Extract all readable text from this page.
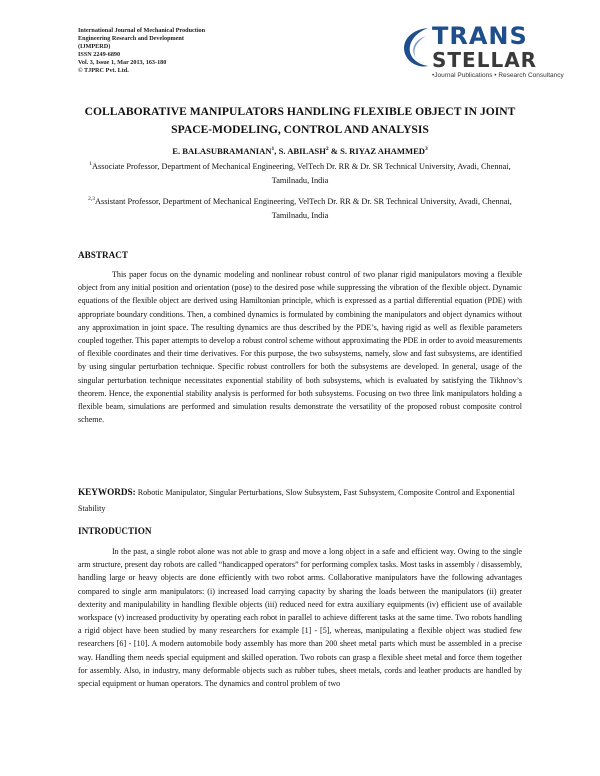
International Journal of Mechanical Production
Engineering Research and Development
(IJMPERD)
ISSN 2249-6890
Vol. 3, Issue 1, Mar 2013, 163-180
© TJPRC Pvt. Ltd.
TRANS
STELLAR
•Journal Publications • Research Consultancy
COLLABORATIVE MANIPULATORS HANDLING FLEXIBLE OBJECT IN JOINT SPACE-MODELING, CONTROL AND ANALYSIS
E. BALASUBRAMANIAN$^1$, S. ABILASH$^2$ & S. RIYAZ AHAMMED$^3$
$^1$Associate Professor, Department of Mechanical Engineering, VelTech Dr. RR & Dr. SR Technical University, Avadi, Chennai, Tamilnadu, India
$^{2,3}$Assistant Professor, Department of Mechanical Engineering, VelTech Dr. RR & Dr. SR Technical University, Avadi, Chennai, Tamilnadu, India
ABSTRACT

This paper focus on the dynamic modeling and nonlinear robust control of two planar rigid manipulators moving a flexible object from any initial position and orientation (pose) to the desired pose while suppressing the vibration of the flexible object. Dynamic equations of the flexible object are derived using Hamiltonian principle, which is expressed as a partial differential equation (PDE) with appropriate boundary conditions. Then, a combined dynamics is formulated by combining the manipulators and object dynamics without any approximation in joint space. The resulting dynamics are thus described by the PDE’s, having rigid as well as flexible parameters coupled together. This paper attempts to develop a robust control scheme without approximating the PDE in order to avoid measurements of flexible coordinates and their time derivatives. For this purpose, the two subsystems, namely, slow and fast subsystems, are identified by using singular perturbation technique. Specific robust controllers for both the subsystems are developed. In general, usage of the singular perturbation technique necessitates exponential stability of both subsystems, which is evaluated by satisfying the Tikhnov’s theorem. Hence, the exponential stability analysis is performed for both subsystems. Focusing on two three link manipulators holding a flexible beam, simulations are performed and simulation results demonstrate the versatility of the proposed robust composite control scheme.

KEYWORDS: Robotic Manipulator, Singular Perturbations, Slow Subsystem, Fast Subsystem, Composite Control and Exponential Stability
INTRODUCTION

In the past, a single robot alone was not able to grasp and move a long object in a safe and efficient way. Owing to the single arm structure, present day robots are called “handicapped operators” for performing complex tasks. Most tasks in assembly / disassembly, handling large or heavy objects are done efficiently with two robot arms. Collaborative manipulators have the following advantages compared to single arm manipulators: (i) increased load carrying capacity by sharing the loads between the manipulators (ii) greater dexterity and manipulability in handling flexible objects (iii) reduced need for extra auxiliary equipments (iv) efficient use of available workspace (v) increased productivity by operating each robot in parallel to achieve different tasks at the same time. Two robots handling a rigid object have been studied by many researchers for example [1] - [5], whereas, manipulating a flexible object was studied few researchers [6] - [10]. A modern automobile body assembly has more than 200 sheet metal parts which must be assembled in a precise way. Handling them needs special equipment and skilled operation. Two robots can grasp a flexible sheet metal and force them together for assembly. Also, in industry, many deformable objects such as rubber tubes, sheet metals, cords and leather products are handled by special equipment or human operators. The dynamics and control problem of two
